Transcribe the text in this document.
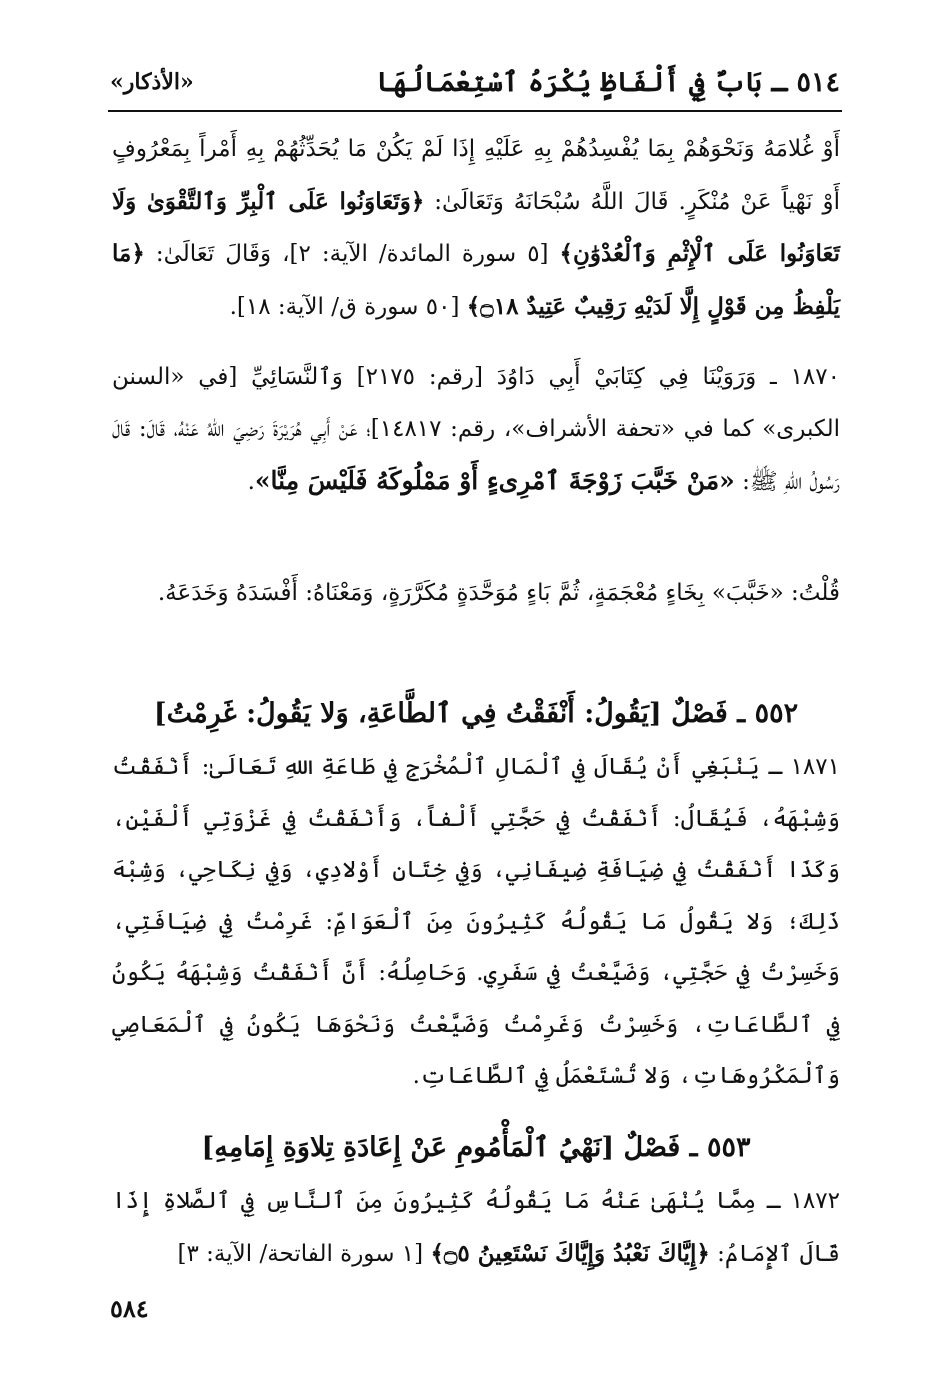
٥١٤ ـ بَابٌ فِي أَلْفَاظٍ يُكْرَهُ ٱسْتِعْمَالُهَا
«الأذكار»
أَوْ غُلامَهُ وَنَحْوَهُمْ بِمَا يُفْسِدُهُمْ بِهِ عَلَيْهِ إِذَا لَمْ يَكُنْ مَا يُحَدِّثُهُمْ بِهِ أَمْراً بِمَعْرُوفٍ أَوْ نَهْياً عَنْ مُنْكَرٍ. قَالَ اللَّهُ سُبْحَانَهُ وَتَعَالَىٰ: ﴿وَتَعَاوَنُوا عَلَى ٱلْبِرِّ وَٱلتَّقْوَىٰ وَلَا تَعَاوَنُوا عَلَى ٱلْإِثْمِ وَٱلْعُدْوَٰنِ﴾ [٥ سورة المائدة/ الآية: ٢]، وَقَالَ تَعَالَىٰ: ﴿مَا يَلْفِظُ مِن قَوْلٍ إِلَّا لَدَيْهِ رَقِيبٌ عَتِيدٌ ۝١٨﴾ [٥٠ سورة ق/ الآية: ١٨].
١٨٧٠ ـ وَرَوَيْنَا فِي كِتَابَيْ أَبِي دَاوُدَ [رقم: ٢١٧٥] وَٱلنَّسَائِيِّ [في «السنن الكبرى» كما في «تحفة الأشراف»، رقم: ١٤٨١٧]؛ عَنْ أَبِي هُرَيْرَةَ رَضِيَ اللهُ عَنْهُ، قَالَ: قَالَ رَسُولُ اللهِ ﷺ: «مَنْ خَبَّبَ زَوْجَةَ ٱمْرِىءٍ أَوْ مَمْلُوكَهُ فَلَيْسَ مِنَّا».
قُلْتُ: «خَبَّبَ» بِخَاءٍ مُعْجَمَةٍ، ثُمَّ بَاءٍ مُوَحَّدَةٍ مُكَرَّرَةٍ، وَمَعْنَاهُ: أَفْسَدَهُ وَخَدَعَهُ.
٥٥٢ ـ فَصْلٌ [يَقُولُ: أَنْفَقْتُ فِي ٱلطَّاعَةِ، وَلا يَقُولُ: غَرِمْتُ]
١٨٧١ ـ يَنْبَغِي أَنْ يُقَالَ فِي ٱلْمَالِ ٱلْمُخْرَجِ فِي طَاعَةِ اللهِ تَعَالَىٰ: أَنْفَقْتُ وَشِبْهَهُ، فَيُقَالُ: أَنْفَقْتُ فِي حَجَّتِي أَلْفاً، وَأَنْفَقْتُ فِي غَزْوَتِي أَلْفَيْنِ، وَكَذَا أَنْفَقْتُ فِي ضِيَافَةِ ضِيفَانِي، وَفِي خِتَانِ أَوْلادِي، وَفِي نِكَاحِي، وَشِبْهَ ذَلِكَ؛ وَلا يَقُولُ مَا يَقُولُهُ كَثِيرُونَ مِنَ ٱلْعَوَامِّ: غَرِمْتُ فِي ضِيَافَتِي، وَخَسِرْتُ فِي حَجَّتِي، وَضَيَّعْتُ فِي سَفَرِي. وَحَاصِلُهُ: أَنَّ أَنْفَقْتُ وَشِبْهَهُ يَكُونُ فِي ٱلطَّاعَاتِ، وَخَسِرْتُ وَغَرِمْتُ وَضَيَّعْتُ وَنَحْوَهَا يَكُونُ فِي ٱلْمَعَاصِي وَٱلْمَكْرُوهَاتِ، وَلا تُسْتَعْمَلُ فِي ٱلطَّاعَاتِ.
٥٥٣ ـ فَصْلٌ [نَهْيُ ٱلْمَأْمُومِ عَنْ إِعَادَةِ تِلاوَةِ إِمَامِهِ]
١٨٧٢ ـ مِمَّا يُنْهَىٰ عَنْهُ مَا يَقُولُهُ كَثِيرُونَ مِنَ ٱلنَّاسِ فِي ٱلصَّلاةِ إِذَا قَالَ ٱلإِمَامُ: ﴿إِيَّاكَ نَعْبُدُ وَإِيَّاكَ نَسْتَعِينُ ۝٥﴾ [١ سورة الفاتحة/ الآية: ٣]
٥٨٤
